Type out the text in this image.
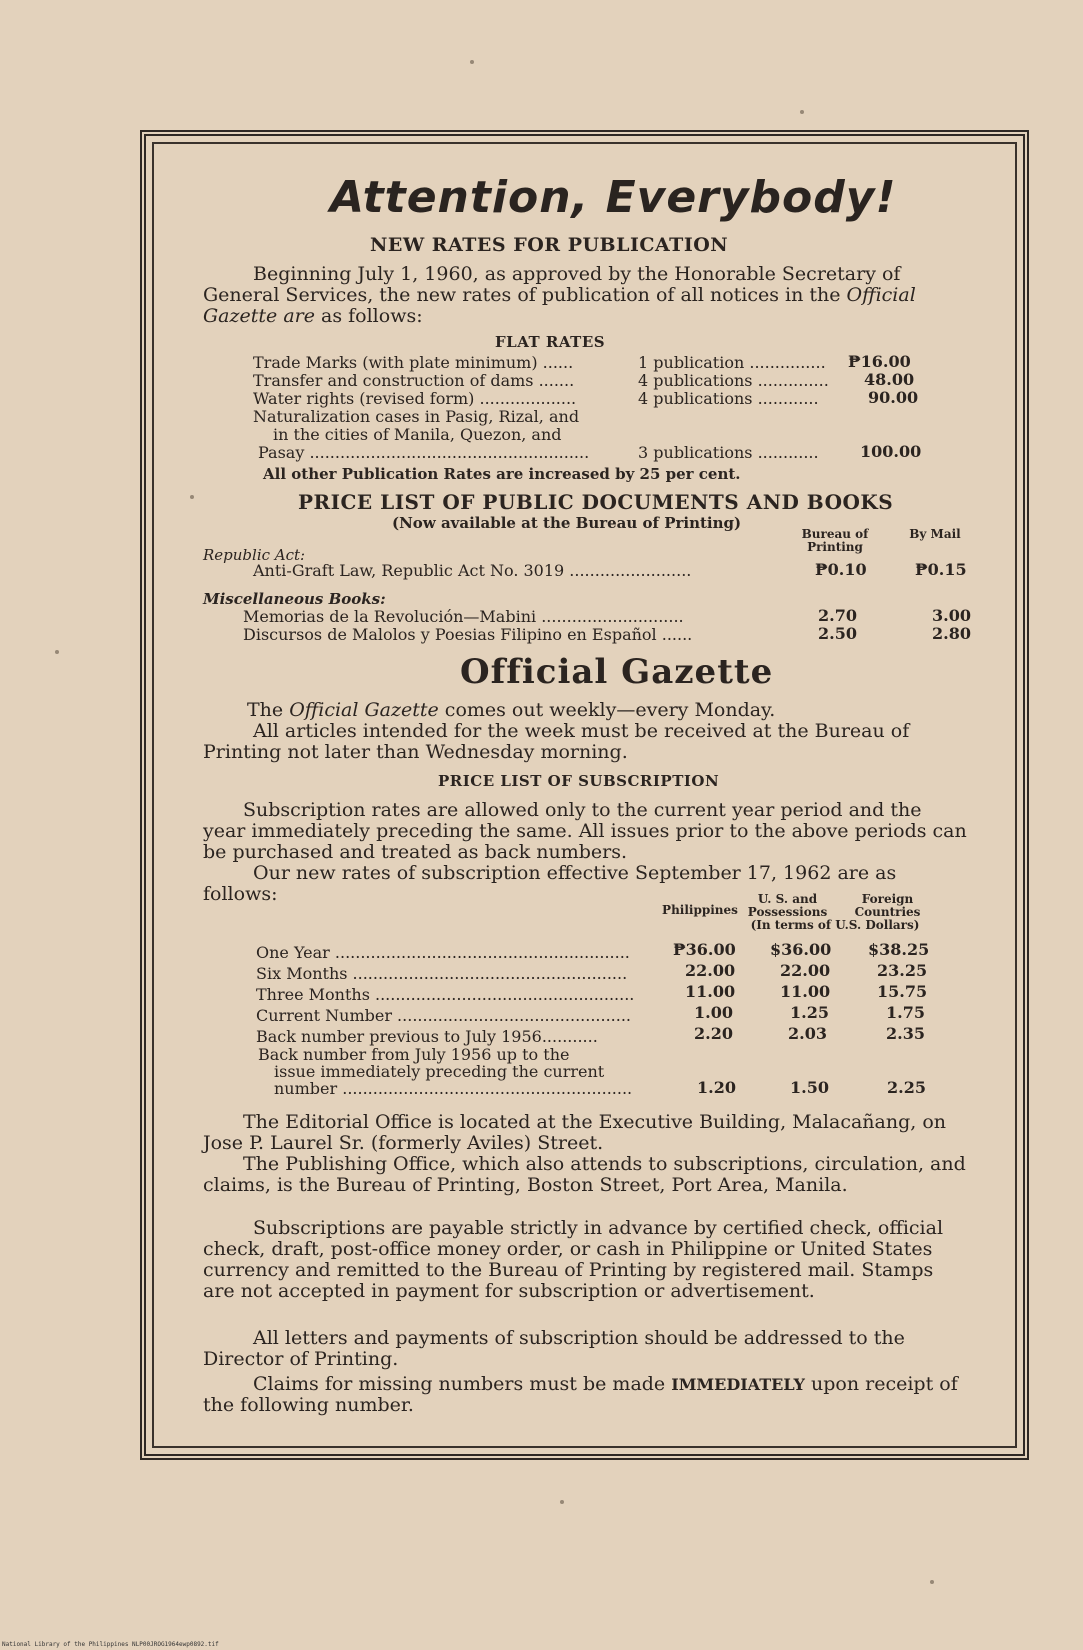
Attention, Everybody!
NEW RATES FOR PUBLICATION
Beginning July 1, 1960, as approved by the Honorable Secretary of General Services, the new rates of publication of all notices in the Official Gazette are as follows:
FLAT RATES
Trade Marks (with plate minimum) ......	1 publication ............... ₱16.00
Transfer and construction of dams .......	4 publications .............. 48.00
Water rights (revised form) ...................	4 publications ............	90.00
Naturalization cases in Pasig, Rizal, and
in the cities of Manila, Quezon, and
Pasay .......................................................	3 publications ............	100.00
All other Publication Rates are increased by 25 per cent.
PRICE LIST OF PUBLIC DOCUMENTS AND BOOKS
(Now available at the Bureau of Printing)
Bureau of Printing
By Mail
Republic Act:
Anti-Graft Law, Republic Act No. 3019 ........................	₱0.10	₱0.15
Miscellaneous Books:
Memorias de la Revolución—Mabini ............................	2.70	3.00
Discursos de Malolos y Poesias Filipino en Español ......	2.50	2.80
Official Gazette
The Official Gazette comes out weekly—every Monday.
All articles intended for the week must be received at the Bureau of Printing not later than Wednesday morning.
PRICE LIST OF SUBSCRIPTION
Subscription rates are allowed only to the current year period and the year immediately preceding the same. All issues prior to the above periods can be purchased and treated as back numbers.
Our new rates of subscription effective September 17, 1962 are as follows:
Philippines
U. S. and Possessions
Foreign Countries
(In terms of U.S. Dollars)
One Year ..........................................................	₱36.00 $36.00 $38.25
Six Months ......................................................	22.00	22.00	23.25
Three Months ...................................................	11.00	11.00	15.75
Current Number ..............................................	1.00	1.25	1.75
Back number previous to July 1956...........	2.20	2.03	2.35
Back number from July 1956 up to the
issue immediately preceding the current
number .........................................................	1.20	1.50	2.25
The Editorial Office is located at the Executive Building, Malacañang, on Jose P. Laurel Sr. (formerly Aviles) Street.
The Publishing Office, which also attends to subscriptions, circulation, and claims, is the Bureau of Printing, Boston Street, Port Area, Manila.
Subscriptions are payable strictly in advance by certified check, official check, draft, post-office money order, or cash in Philippine or United States currency and remitted to the Bureau of Printing by registered mail. Stamps are not accepted in payment for subscription or advertisement.
All letters and payments of subscription should be addressed to the Director of Printing.
Claims for missing numbers must be made IMMEDIATELY upon receipt of the following number.
National Library of the Philippines NLP00JROG1964ewp0892.tif
